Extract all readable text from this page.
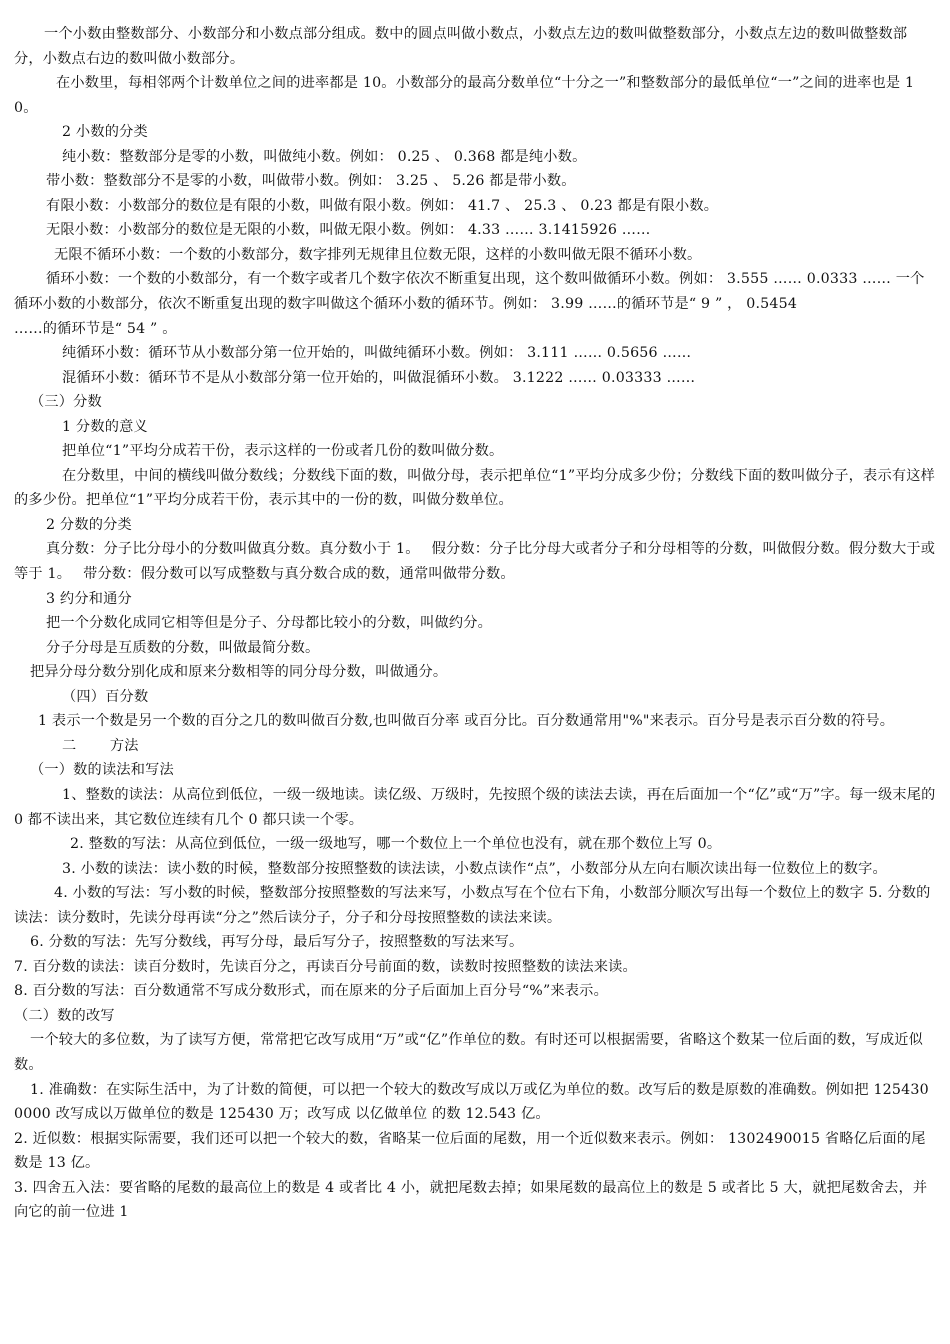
一个小数由整数部分、小数部分和小数点部分组成。数中的圆点叫做小数点，小数点左边的数叫做整数部分，小数点左边的数叫做整数部分，小数点右边的数叫做小数部分。

在小数里，每相邻两个计数单位之间的进率都是 10。小数部分的最高分数单位“十分之一”和整数部分的最低单位“一”之间的进率也是 10。

2 小数的分类

纯小数：整数部分是零的小数，叫做纯小数。例如： 0.25 、 0.368 都是纯小数。

带小数：整数部分不是零的小数，叫做带小数。例如： 3.25 、 5.26 都是带小数。

有限小数：小数部分的数位是有限的小数，叫做有限小数。例如： 41.7 、 25.3 、 0.23 都是有限小数。

无限小数：小数部分的数位是无限的小数，叫做无限小数。例如： 4.33 …… 3.1415926 ……

无限不循环小数：一个数的小数部分，数字排列无规律且位数无限，这样的小数叫做无限不循环小数。

循环小数：一个数的小数部分，有一个数字或者几个数字依次不断重复出现，这个数叫做循环小数。例如： 3.555 …… 0.0333 …… 一个循环小数的小数部分，依次不断重复出现的数字叫做这个循环小数的循环节。例如： 3.99 ……的循环节是“ 9 ” ， 0.5454

……的循环节是“ 54 ” 。

纯循环小数：循环节从小数部分第一位开始的，叫做纯循环小数。例如： 3.111 …… 0.5656 ……

混循环小数：循环节不是从小数部分第一位开始的，叫做混循环小数。 3.1222 …… 0.03333 ……

（三）分数

1 分数的意义

把单位“1”平均分成若干份，表示这样的一份或者几份的数叫做分数。

在分数里，中间的横线叫做分数线；分数线下面的数，叫做分母，表示把单位“1”平均分成多少份；分数线下面的数叫做分子，表示有这样的多少份。把单位“1”平均分成若干份，表示其中的一份的数，叫做分数单位。

2 分数的分类

真分数：分子比分母小的分数叫做真分数。真分数小于 1。　 假分数：分子比分母大或者分子和分母相等的分数，叫做假分数。假分数大于或等于 1。　 带分数：假分数可以写成整数与真分数合成的数，通常叫做带分数。

3 约分和通分

把一个分数化成同它相等但是分子、分母都比较小的分数，叫做约分。

分子分母是互质数的分数，叫做最简分数。

把异分母分数分别化成和原来分数相等的同分母分数，叫做通分。

（四）百分数

1 表示一个数是另一个数的百分之几的数叫做百分数,也叫做百分率 或百分比。百分数通常用"%"来表示。百分号是表示百分数的符号。

二　　 方法

（一）数的读法和写法

1、整数的读法：从高位到低位，一级一级地读。读亿级、万级时，先按照个级的读法去读，再在后面加一个“亿”或“万”字。每一级末尾的 0 都不读出来，其它数位连续有几个 0 都只读一个零。

2. 整数的写法：从高位到低位，一级一级地写，哪一个数位上一个单位也没有，就在那个数位上写 0。

3. 小数的读法：读小数的时候，整数部分按照整数的读法读，小数点读作“点”，小数部分从左向右顺次读出每一位数位上的数字。

4. 小数的写法：写小数的时候，整数部分按照整数的写法来写，小数点写在个位右下角，小数部分顺次写出每一个数位上的数字 5. 分数的读法：读分数时，先读分母再读“分之”然后读分子，分子和分母按照整数的读法来读。

6. 分数的写法：先写分数线，再写分母，最后写分子，按照整数的写法来写。

7. 百分数的读法：读百分数时，先读百分之，再读百分号前面的数，读数时按照整数的读法来读。

8. 百分数的写法：百分数通常不写成分数形式，而在原来的分子后面加上百分号“%”来表示。

（二）数的改写

一个较大的多位数，为了读写方便，常常把它改写成用“万”或“亿”作单位的数。有时还可以根据需要，省略这个数某一位后面的数，写成近似数。

1. 准确数：在实际生活中，为了计数的简便，可以把一个较大的数改写成以万或亿为单位的数。改写后的数是原数的准确数。例如把 1254300000 改写成以万做单位的数是 125430 万；改写成 以亿做单位 的数 12.543 亿。

2. 近似数：根据实际需要，我们还可以把一个较大的数，省略某一位后面的尾数，用一个近似数来表示。例如： 1302490015 省略亿后面的尾数是 13 亿。

3. 四舍五入法：要省略的尾数的最高位上的数是 4 或者比 4 小，就把尾数去掉；如果尾数的最高位上的数是 5 或者比 5 大，就把尾数舍去，并向它的前一位进 1
